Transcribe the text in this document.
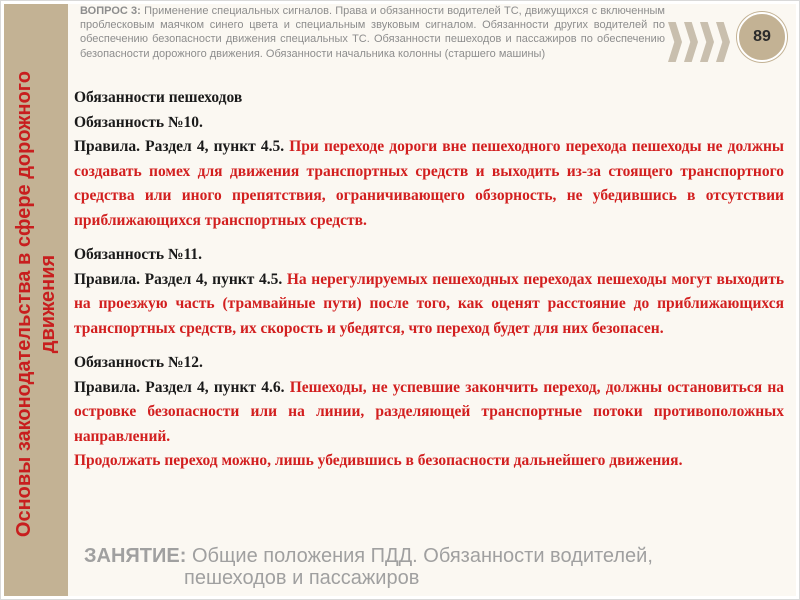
Основы законодательства в сфере дорожного движения
ВОПРОС 3: Применение специальных сигналов. Права и обязанности водителей ТС, движущихся с включенным проблесковым маячком синего цвета и специальным звуковым сигналом. Обязанности других водителей по обеспечению безопасности движения специальных ТС. Обязанности пешеходов и пассажиров по обеспечению безопасности дорожного движения. Обязанности начальника колонны (старшего машины)
89

Обязанности пешеходов

Обязанность №10.

Правила. Раздел 4, пункт 4.5. При переходе дороги вне пешеходного перехода пешеходы не должны создавать помех для движения транспортных средств и выходить из-за стоящего транспортного средства или иного препятствия, ограничивающего обзорность, не убедившись в отсутствии приближающихся транспортных средств.

Обязанность №11.

Правила. Раздел 4, пункт 4.5. На нерегулируемых пешеходных переходах пешеходы могут выходить на проезжую часть (трамвайные пути) после того, как оценят расстояние до приближающихся транспортных средств, их скорость и убедятся, что переход будет для них безопасен.

Обязанность №12.

Правила. Раздел 4, пункт 4.6. Пешеходы, не успевшие закончить переход, должны остановиться на островке безопасности или на линии, разделяющей транспортные потоки противоположных направлений.

Продолжать переход можно, лишь убедившись в безопасности дальнейшего движения.

ЗАНЯТИЕ: Общие положения ПДД. Обязанности водителей,
пешеходов и пассажиров
